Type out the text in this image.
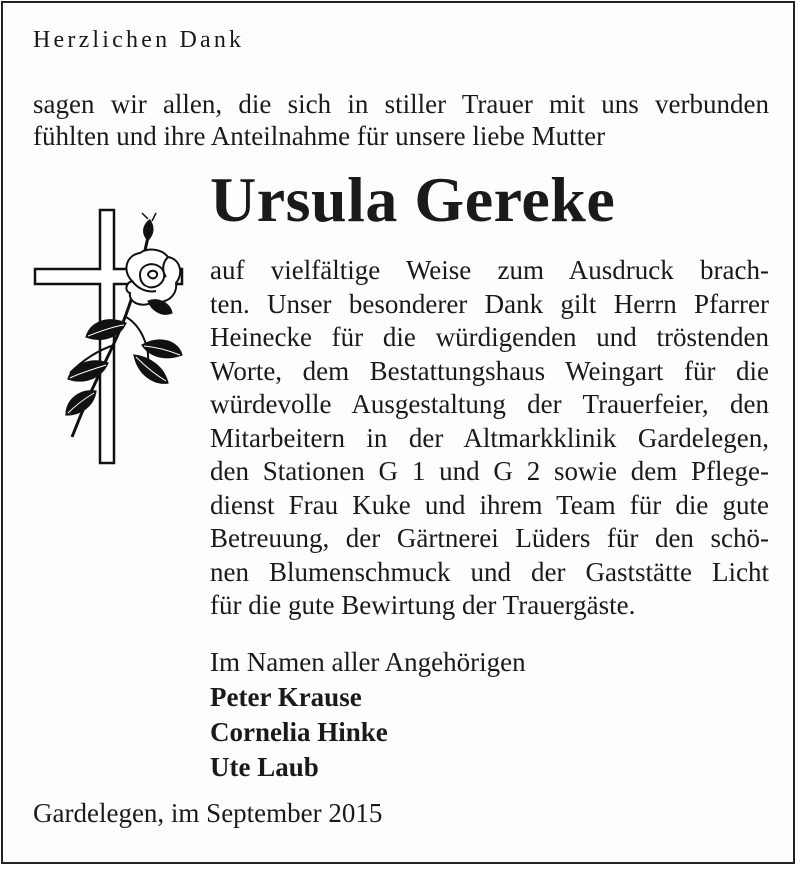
Herzlichen Dank
sagen wir allen, die sich in stiller Trauer mit uns verbunden
fühlten und ihre Anteilnahme für unsere liebe Mutter
Ursula Gereke
auf vielfältige Weise zum Ausdruck brach-
ten. Unser besonderer Dank gilt Herrn Pfarrer
Heinecke für die würdigenden und tröstenden
Worte, dem Bestattungshaus Weingart für die
würdevolle Ausgestaltung der Trauerfeier, den
Mitarbeitern in der Altmarkklinik Gardelegen,
den Stationen G 1 und G 2 sowie dem Pflege-
dienst Frau Kuke und ihrem Team für die gute
Betreuung, der Gärtnerei Lüders für den schö-
nen Blumenschmuck und der Gaststätte Licht
für die gute Bewirtung der Trauergäste.
Im Namen aller Angehörigen
Peter Krause
Cornelia Hinke
Ute Laub
Gardelegen, im September 2015
